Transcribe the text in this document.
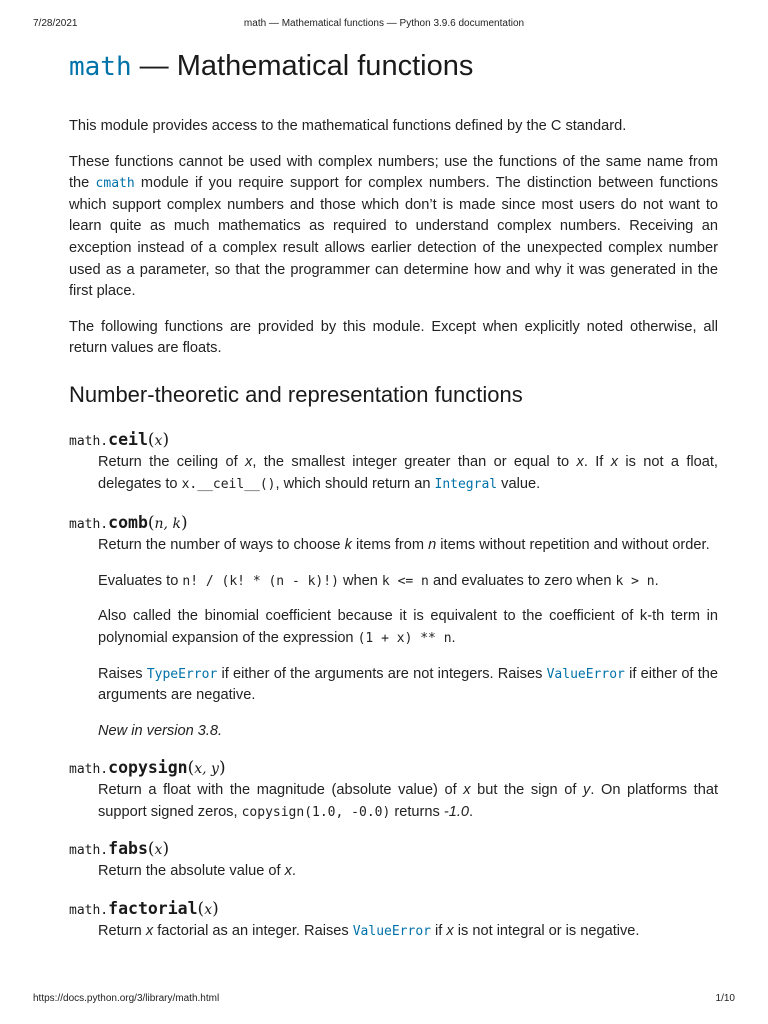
7/28/2021	math — Mathematical functions — Python 3.9.6 documentation
math — Mathematical functions

This module provides access to the mathematical functions defined by the C standard.

These functions cannot be used with complex numbers; use the functions of the same name from the cmath module if you require support for complex numbers. The distinction between functions which support complex numbers and those which don’t is made since most users do not want to learn quite as much mathematics as required to understand complex numbers. Receiving an exception instead of a complex result allows earlier detection of the unexpected complex number used as a parameter, so that the programmer can determine how and why it was generated in the first place.

The following functions are provided by this module. Except when explicitly noted otherwise, all return values are floats.

Number-theoretic and representation functions
math.ceil(x)

Return the ceiling of x, the smallest integer greater than or equal to x. If x is not a float, delegates to x.__ceil__(), which should return an Integral value.

math.comb(n, k)

Return the number of ways to choose k items from n items without repetition and without order.

Evaluates to n! / (k! * (n - k)!) when k <= n and evaluates to zero when k > n.

Also called the binomial coefficient because it is equivalent to the coefficient of k-th term in polynomial expansion of the expression (1 + x) ** n.

Raises TypeError if either of the arguments are not integers. Raises ValueError if either of the arguments are negative.

New in version 3.8.

math.copysign(x, y)

Return a float with the magnitude (absolute value) of x but the sign of y. On platforms that support signed zeros, copysign(1.0, -0.0) returns -1.0.

math.fabs(x)

Return the absolute value of x.

math.factorial(x)

Return x factorial as an integer. Raises ValueError if x is not integral or is negative.

https://docs.python.org/3/library/math.html	1/10
